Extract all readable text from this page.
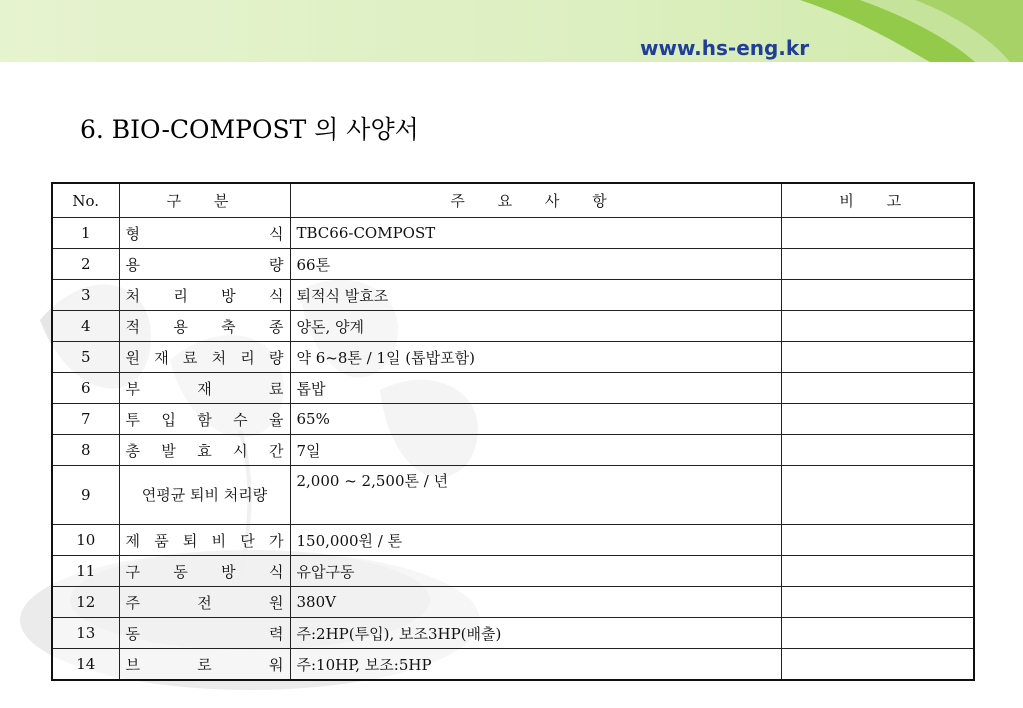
www.hs-eng.kr
6. BIO-COMPOST 의 사양서
No.	구 분	주 요 사 항	비 고
1	형 식	TBC66-COMPOST	
2	용 량	66톤	
3	처 리 방 식	퇴적식 발효조	
4	적 용 축 종	양돈, 양계	
5	원 재 료 처 리 량	약 6~8톤 / 1일 (톱밥포함)	
6	부 재 료	톱밥	
7	투 입 함 수 율	65%	
8	총 발 효 시 간	7일	
9	연평균 퇴비 처리량	2,000 ~ 2,500톤 / 년	
10	제 품 퇴 비 단 가	150,000원 / 톤	
11	구 동 방 식	유압구동	
12	주 전 원	380V	
13	동 력	주:2HP(투입), 보조3HP(배출)	
14	브 로 워	주:10HP, 보조:5HP	
